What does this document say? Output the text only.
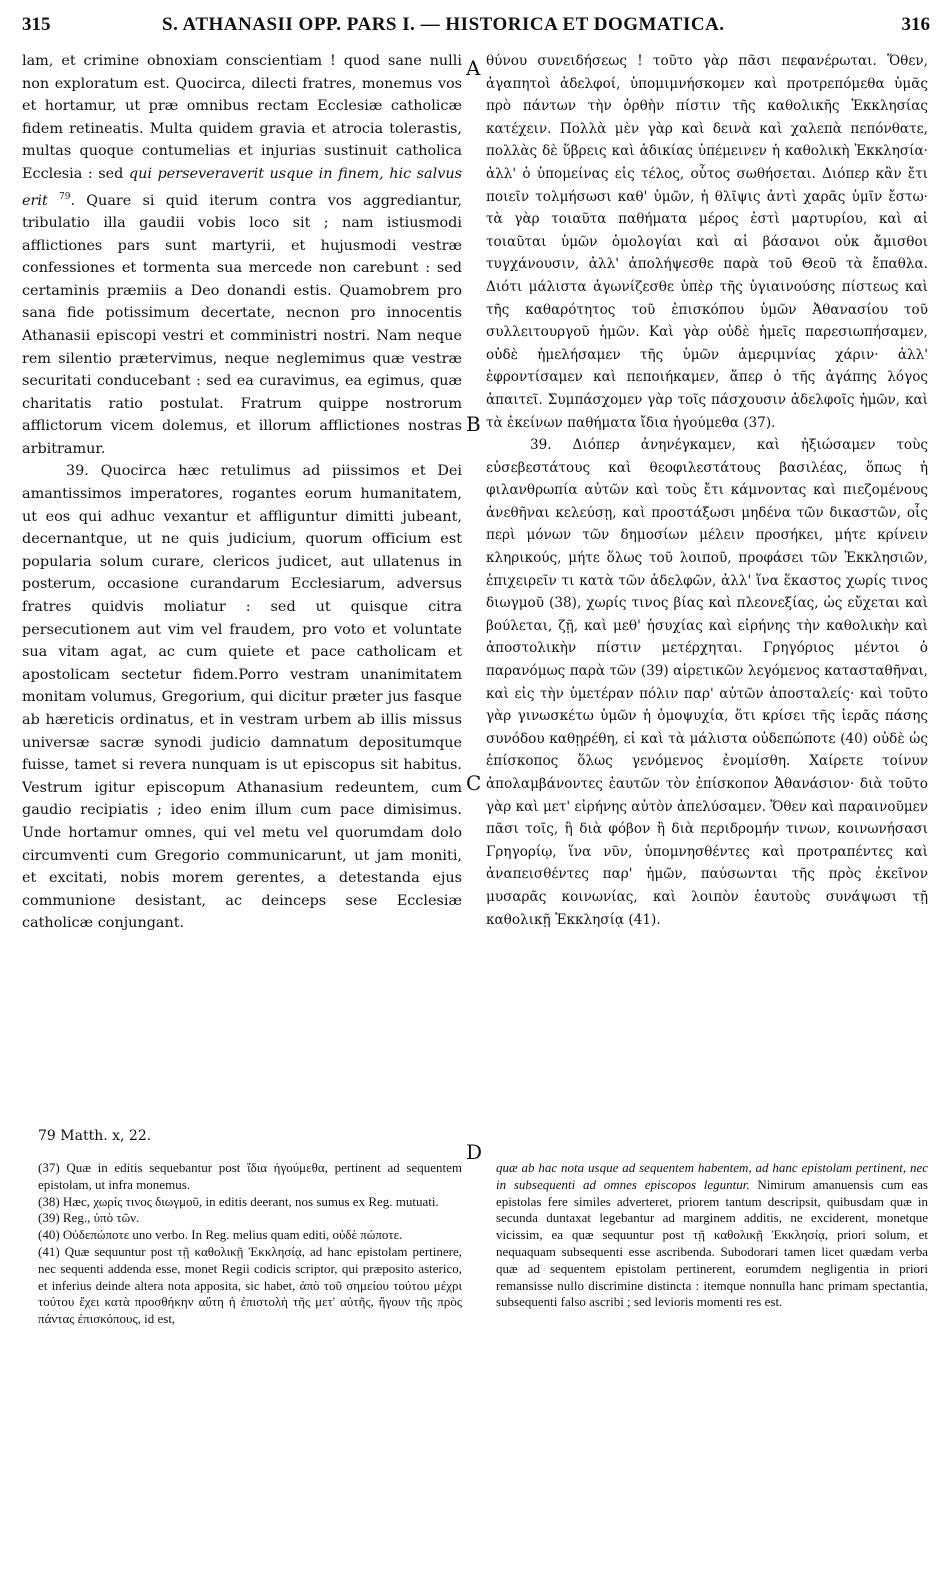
315	S. ATHANASII OPP. PARS I. — HISTORICA ET DOGMATICA.	316

lam, et crimine obnoxiam conscientiam ! quod sane nulli non exploratum est. Quocirca, dilecti fratres, monemus vos et hortamur, ut præ omnibus rectam Ecclesiæ catholicæ fidem retineatis. Multa quidem gravia et atrocia tolerastis, multas quoque contumelias et injurias sustinuit catholica Ecclesia : sed qui perseveraverit usque in finem, hic salvus erit $^{79}$. Quare si quid iterum contra vos aggrediantur, tribulatio illa gaudii vobis loco sit ; nam istiusmodi afflictiones pars sunt martyrii, et hujusmodi vestræ confessiones et tormenta sua mercede non carebunt : sed certaminis præmiis a Deo donandi estis. Quamobrem pro sana fide potissimum decertate, necnon pro innocentis Athanasii episcopi vestri et comministri nostri. Nam neque rem silentio prætervimus, neque neglemimus quæ vestræ securitati conducebant : sed ea curavimus, ea egimus, quæ charitatis ratio postulat. Fratrum quippe nostrorum afflictorum vicem dolemus, et illorum afflictiones nostras arbitramur.

39. Quocirca hæc retulimus ad piissimos et Dei amantissimos imperatores, rogantes eorum humanitatem, ut eos qui adhuc vexantur et affliguntur dimitti jubeant, decernantque, ut ne quis judicium, quorum officium est popularia solum curare, clericos judicet, aut ullatenus in posterum, occasione curandarum Ecclesiarum, adversus fratres quidvis moliatur : sed ut quisque citra persecutionem aut vim vel fraudem, pro voto et voluntate sua vitam agat, ac cum quiete et pace catholicam et apostolicam sectetur fidem.Porro vestram unanimitatem monitam volumus, Gregorium, qui dicitur præter jus fasque ab hæreticis ordinatus, et in vestram urbem ab illis missus universæ sacræ synodi judicio damnatum depositumque fuisse, tamet si revera nunquam is ut episcopus sit habitus. Vestrum igitur episcopum Athanasium redeuntem, cum gaudio recipiatis ; ideo enim illum cum pace dimisimus. Unde hortamur omnes, qui vel metu vel quorumdam dolo circumventi cum Gregorio communicarunt, ut jam moniti, et excitati, nobis morem gerentes, a detestanda ejus communione desistant, ac deinceps sese Ecclesiæ catholicæ conjungant.

A
B
C
D

θύνου συνειδήσεως ! τοῦτο γὰρ πᾶσι πεφανέρωται. Ὅθεν, ἀγαπητοὶ ἀδελφοί, ὑπομιμνήσκομεν καὶ προτρεπόμεθα ὑμᾶς πρὸ πάντων τὴν ὀρθὴν πίστιν τῆς καθολικῆς Ἐκκλησίας κατέχειν. Πολλὰ μὲν γὰρ καὶ δεινὰ καὶ χαλεπὰ πεπόνθατε, πολλὰς δὲ ὕβρεις καὶ ἀδικίας ὑπέμεινεν ἡ καθολικὴ Ἐκκλησία· ἀλλ' ὁ ὑπομείνας εἰς τέλος, οὗτος σωθήσεται. Διόπερ κἂν ἔτι ποιεῖν τολμήσωσι καθ' ὑμῶν, ἡ θλῖψις ἀντὶ χαρᾶς ὑμῖν ἔστω· τὰ γὰρ τοιαῦτα παθήματα μέρος ἐστὶ μαρτυρίου, καὶ αἱ τοιαῦται ὑμῶν ὁμολογίαι καὶ αἱ βάσανοι οὐκ ἄμισθοι τυγχάνουσιν, ἀλλ' ἀπολήψεσθε παρὰ τοῦ Θεοῦ τὰ ἔπαθλα. Διότι μάλιστα ἀγωνίζεσθε ὑπὲρ τῆς ὑγιαινούσης πίστεως καὶ τῆς καθαρότητος τοῦ ἐπισκόπου ὑμῶν Ἀθανασίου τοῦ συλλειτουργοῦ ἡμῶν. Καὶ γὰρ οὐδὲ ἡμεῖς παρεσιωπήσαμεν, οὐδὲ ἠμελήσαμεν τῆς ὑμῶν ἀμεριμνίας χάριν· ἀλλ' ἐφροντίσαμεν καὶ πεποιήκαμεν, ἅπερ ὁ τῆς ἀγάπης λόγος ἀπαιτεῖ. Συμπάσχομεν γὰρ τοῖς πάσχουσιν ἀδελφοῖς ἡμῶν, καὶ τὰ ἐκείνων παθήματα ἴδια ἡγούμεθα (37).

39. Διόπερ ἀνηνέγκαμεν, καὶ ἠξιώσαμεν τοὺς εὐσεβεστάτους καὶ θεοφιλεστάτους βασιλέας, ὅπως ἡ φιλανθρωπία αὐτῶν καὶ τοὺς ἔτι κάμνοντας καὶ πιεζομένους ἀνεθῆναι κελεύσῃ, καὶ προστάξωσι μηδένα τῶν δικαστῶν, οἷς περὶ μόνων τῶν δημοσίων μέλειν προσήκει, μήτε κρίνειν κληρικούς, μήτε ὅλως τοῦ λοιποῦ, προφάσει τῶν Ἐκκλησιῶν, ἐπιχειρεῖν τι κατὰ τῶν ἀδελφῶν, ἀλλ' ἵνα ἕκαστος χωρίς τινος διωγμοῦ (38), χωρίς τινος βίας καὶ πλεονεξίας, ὡς εὔχεται καὶ βούλεται, ζῇ, καὶ μεθ' ἡσυχίας καὶ εἰρήνης τὴν καθολικὴν καὶ ἀποστολικὴν πίστιν μετέρχηται. Γρηγόριος μέντοι ὁ παρανόμως παρὰ τῶν (39) αἱρετικῶν λεγόμενος κατασταθῆναι, καὶ εἰς τὴν ὑμετέραν πόλιν παρ' αὐτῶν ἀποσταλείς· καὶ τοῦτο γὰρ γινωσκέτω ὑμῶν ἡ ὁμοψυχία, ὅτι κρίσει τῆς ἱερᾶς πάσης συνόδου καθῃρέθη, εἰ καὶ τὰ μάλιστα οὐδεπώποτε (40) οὐδὲ ὡς ἐπίσκοπος ὅλως γενόμενος ἐνομίσθη. Χαίρετε τοίνυν ἀπολαμβάνοντες ἑαυτῶν τὸν ἐπίσκοπον Ἀθανάσιον· διὰ τοῦτο γὰρ καὶ μετ' εἰρήνης αὐτὸν ἀπελύσαμεν. Ὅθεν καὶ παραινοῦμεν πᾶσι τοῖς, ἢ διὰ φόβον ἢ διὰ περιδρομήν τινων, κοινωνήσασι Γρηγορίῳ, ἵνα νῦν, ὑπομνησθέντες καὶ προτραπέντες καὶ ἀναπεισθέντες παρ' ἡμῶν, παύσωνται τῆς πρὸς ἐκεῖνον μυσαρᾶς κοινωνίας, καὶ λοιπὸν ἑαυτοὺς συνάψωσι τῇ καθολικῇ Ἐκκλησίᾳ (41).

79 Matth. x, 22.

(37) Quæ in editis sequebantur post ἴδια ἡγούμεθα, pertinent ad sequentem epistolam, ut infra monemus.

(38) Hæc, χωρίς τινος διωγμοῦ, in editis deerant, nos sumus ex Reg. mutuati.

(39) Reg., ὑπὸ τῶν.

(40) Οὐδεπώποτε uno verbo. In Reg. melius quam editi, οὐδὲ πώποτε.

(41) Quæ sequuntur post τῇ καθολικῇ Ἐκκλησίᾳ, ad hanc epistolam pertinere, nec sequenti addenda esse, monet Regii codicis scriptor, qui præposito asterico, et inferius deinde altera nota apposita, sic habet, ἀπὸ τοῦ σημείου τούτου μέχρι τούτου ἔχει κατὰ προσθήκην αὕτη ἡ ἐπιστολὴ τῆς μετ' αὐτῆς, ἤγουν τῆς πρὸς πάντας ἐπισκόπους, id est,

quæ ab hac nota usque ad sequentem habentem, ad hanc epistolam pertinent, nec in subsequenti ad omnes episcopos leguntur. Nimirum amanuensis cum eas epistolas fere similes adverteret, priorem tantum descripsit, quibusdam quæ in secunda duntaxat legebantur ad marginem additis, ne exciderent, monetque vicissim, ea quæ sequuntur post τῇ καθολικῇ Ἐκκλησίᾳ, priori solum, et nequaquam subsequenti esse ascribenda. Subodorari tamen licet quædam verba quæ ad sequentem epistolam pertinerent, eorumdem negligentia in priori remansisse nullo discrimine distincta : itemque nonnulla hanc primam spectantia, subsequenti falso ascribi ; sed levioris momenti res est.
